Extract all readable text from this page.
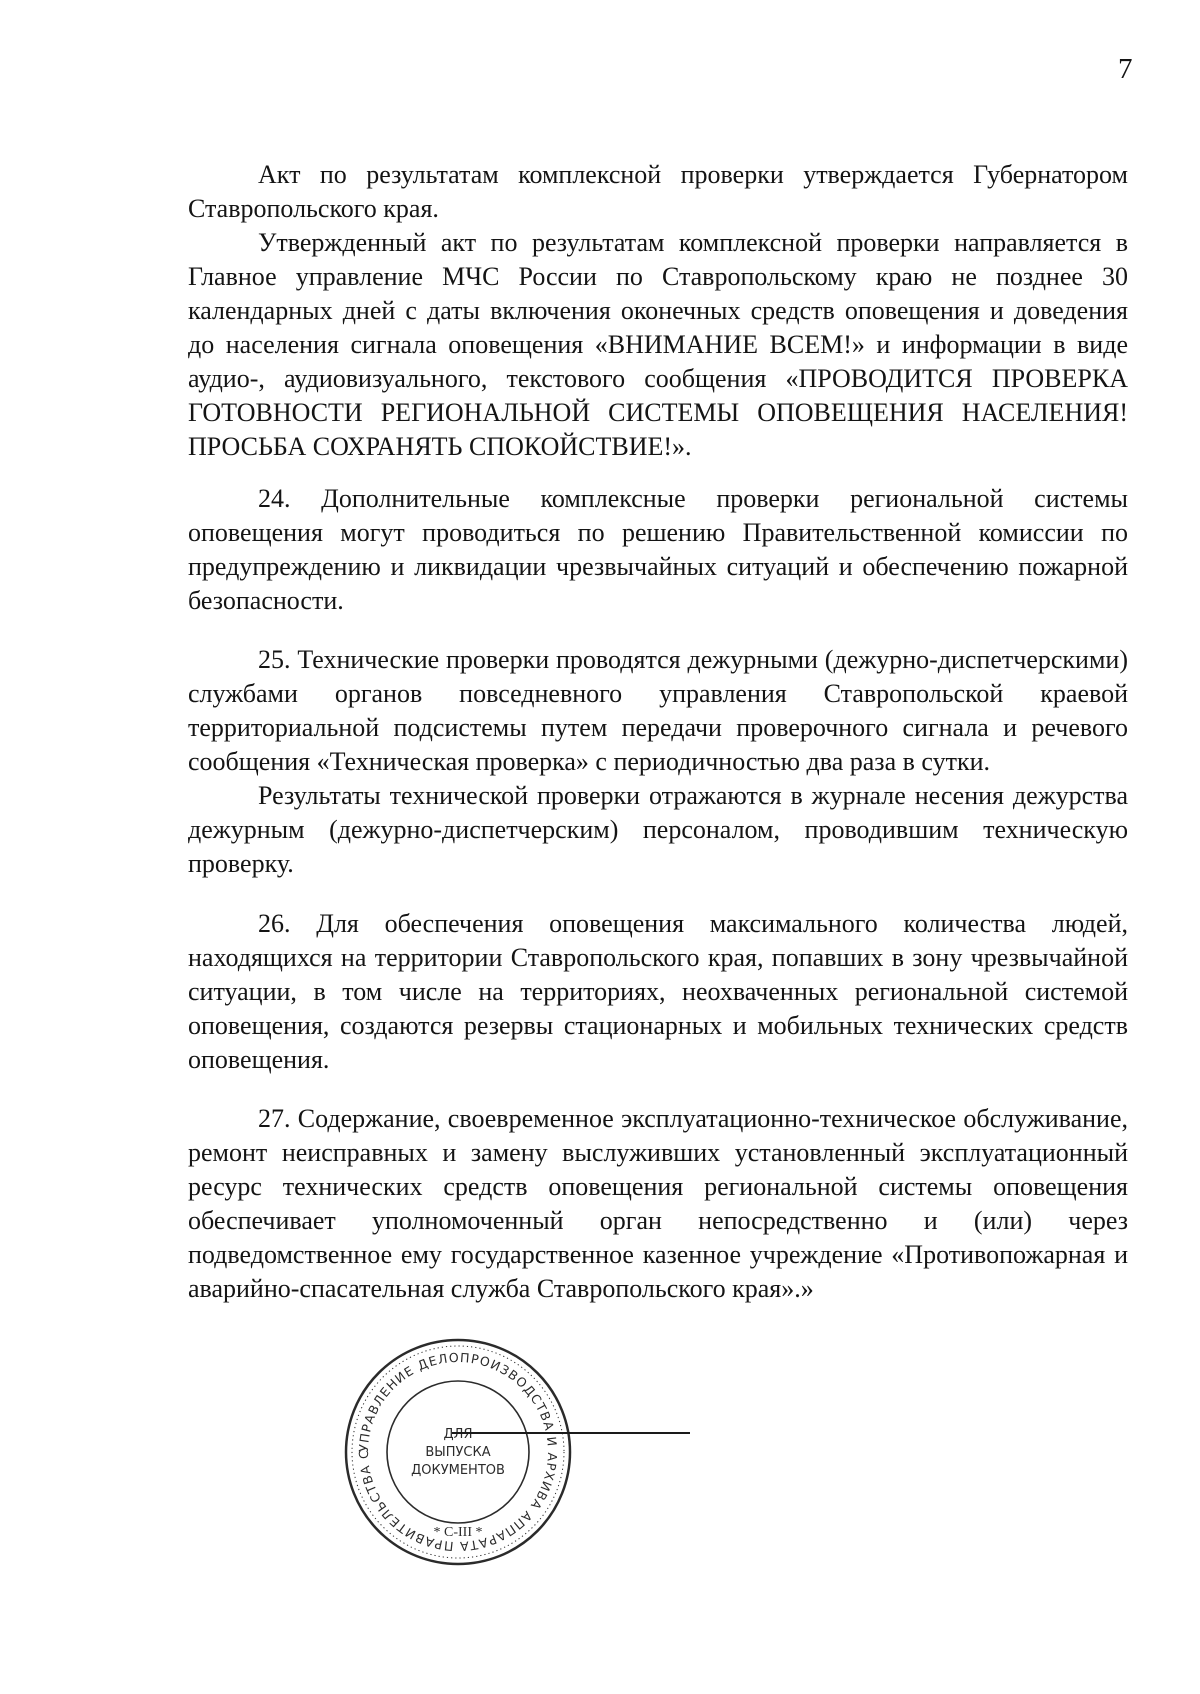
7

Акт по результатам комплексной проверки утверждается Губернатором Ставропольского края.

Утвержденный акт по результатам комплексной проверки направляется в Главное управление МЧС России по Ставропольскому краю не позднее 30 календарных дней с даты включения оконечных средств оповещения и доведения до населения сигнала оповещения «ВНИМАНИЕ ВСЕМ!» и информации в виде аудио-, аудиовизуального, текстового сообщения «ПРОВОДИТСЯ ПРОВЕРКА ГОТОВНОСТИ РЕГИОНАЛЬНОЙ СИСТЕМЫ ОПОВЕЩЕНИЯ НАСЕЛЕНИЯ! ПРОСЬБА СОХРАНЯТЬ СПОКОЙСТВИЕ!».

24. Дополнительные комплексные проверки региональной системы оповещения могут проводиться по решению Правительственной комиссии по предупреждению и ликвидации чрезвычайных ситуаций и обеспечению пожарной безопасности.

25. Технические проверки проводятся дежурными (дежурно-диспетчерскими) службами органов повседневного управления Ставропольской краевой территориальной подсистемы путем передачи проверочного сигнала и речевого сообщения «Техническая проверка» с периодичностью два раза в сутки.

Результаты технической проверки отражаются в журнале несения дежурства дежурным (дежурно-диспетчерским) персоналом, проводившим техническую проверку.

26. Для обеспечения оповещения максимального количества людей, находящихся на территории Ставропольского края, попавших в зону чрезвычайной ситуации, в том числе на территориях, неохваченных региональной системой оповещения, создаются резервы стационарных и мобильных технических средств оповещения.

27. Содержание, своевременное эксплуатационно-техническое обслуживание, ремонт неисправных и замену выслуживших установленный эксплуатационный ресурс технических средств оповещения региональной системы оповещения обеспечивает уполномоченный орган непосредственно и (или) через подведомственное ему государственное казенное учреждение «Противопожарная и аварийно-спасательная служба Ставропольского края».»

УПРАВЛЕНИЕ ДЕЛОПРОИЗВОДСТВА И АРХИВА АППАРАТА ПРАВИТЕЛЬСТВА С
ДЛЯ
ВЫПУСКА
ДОКУМЕНТОВ
* С-III *
